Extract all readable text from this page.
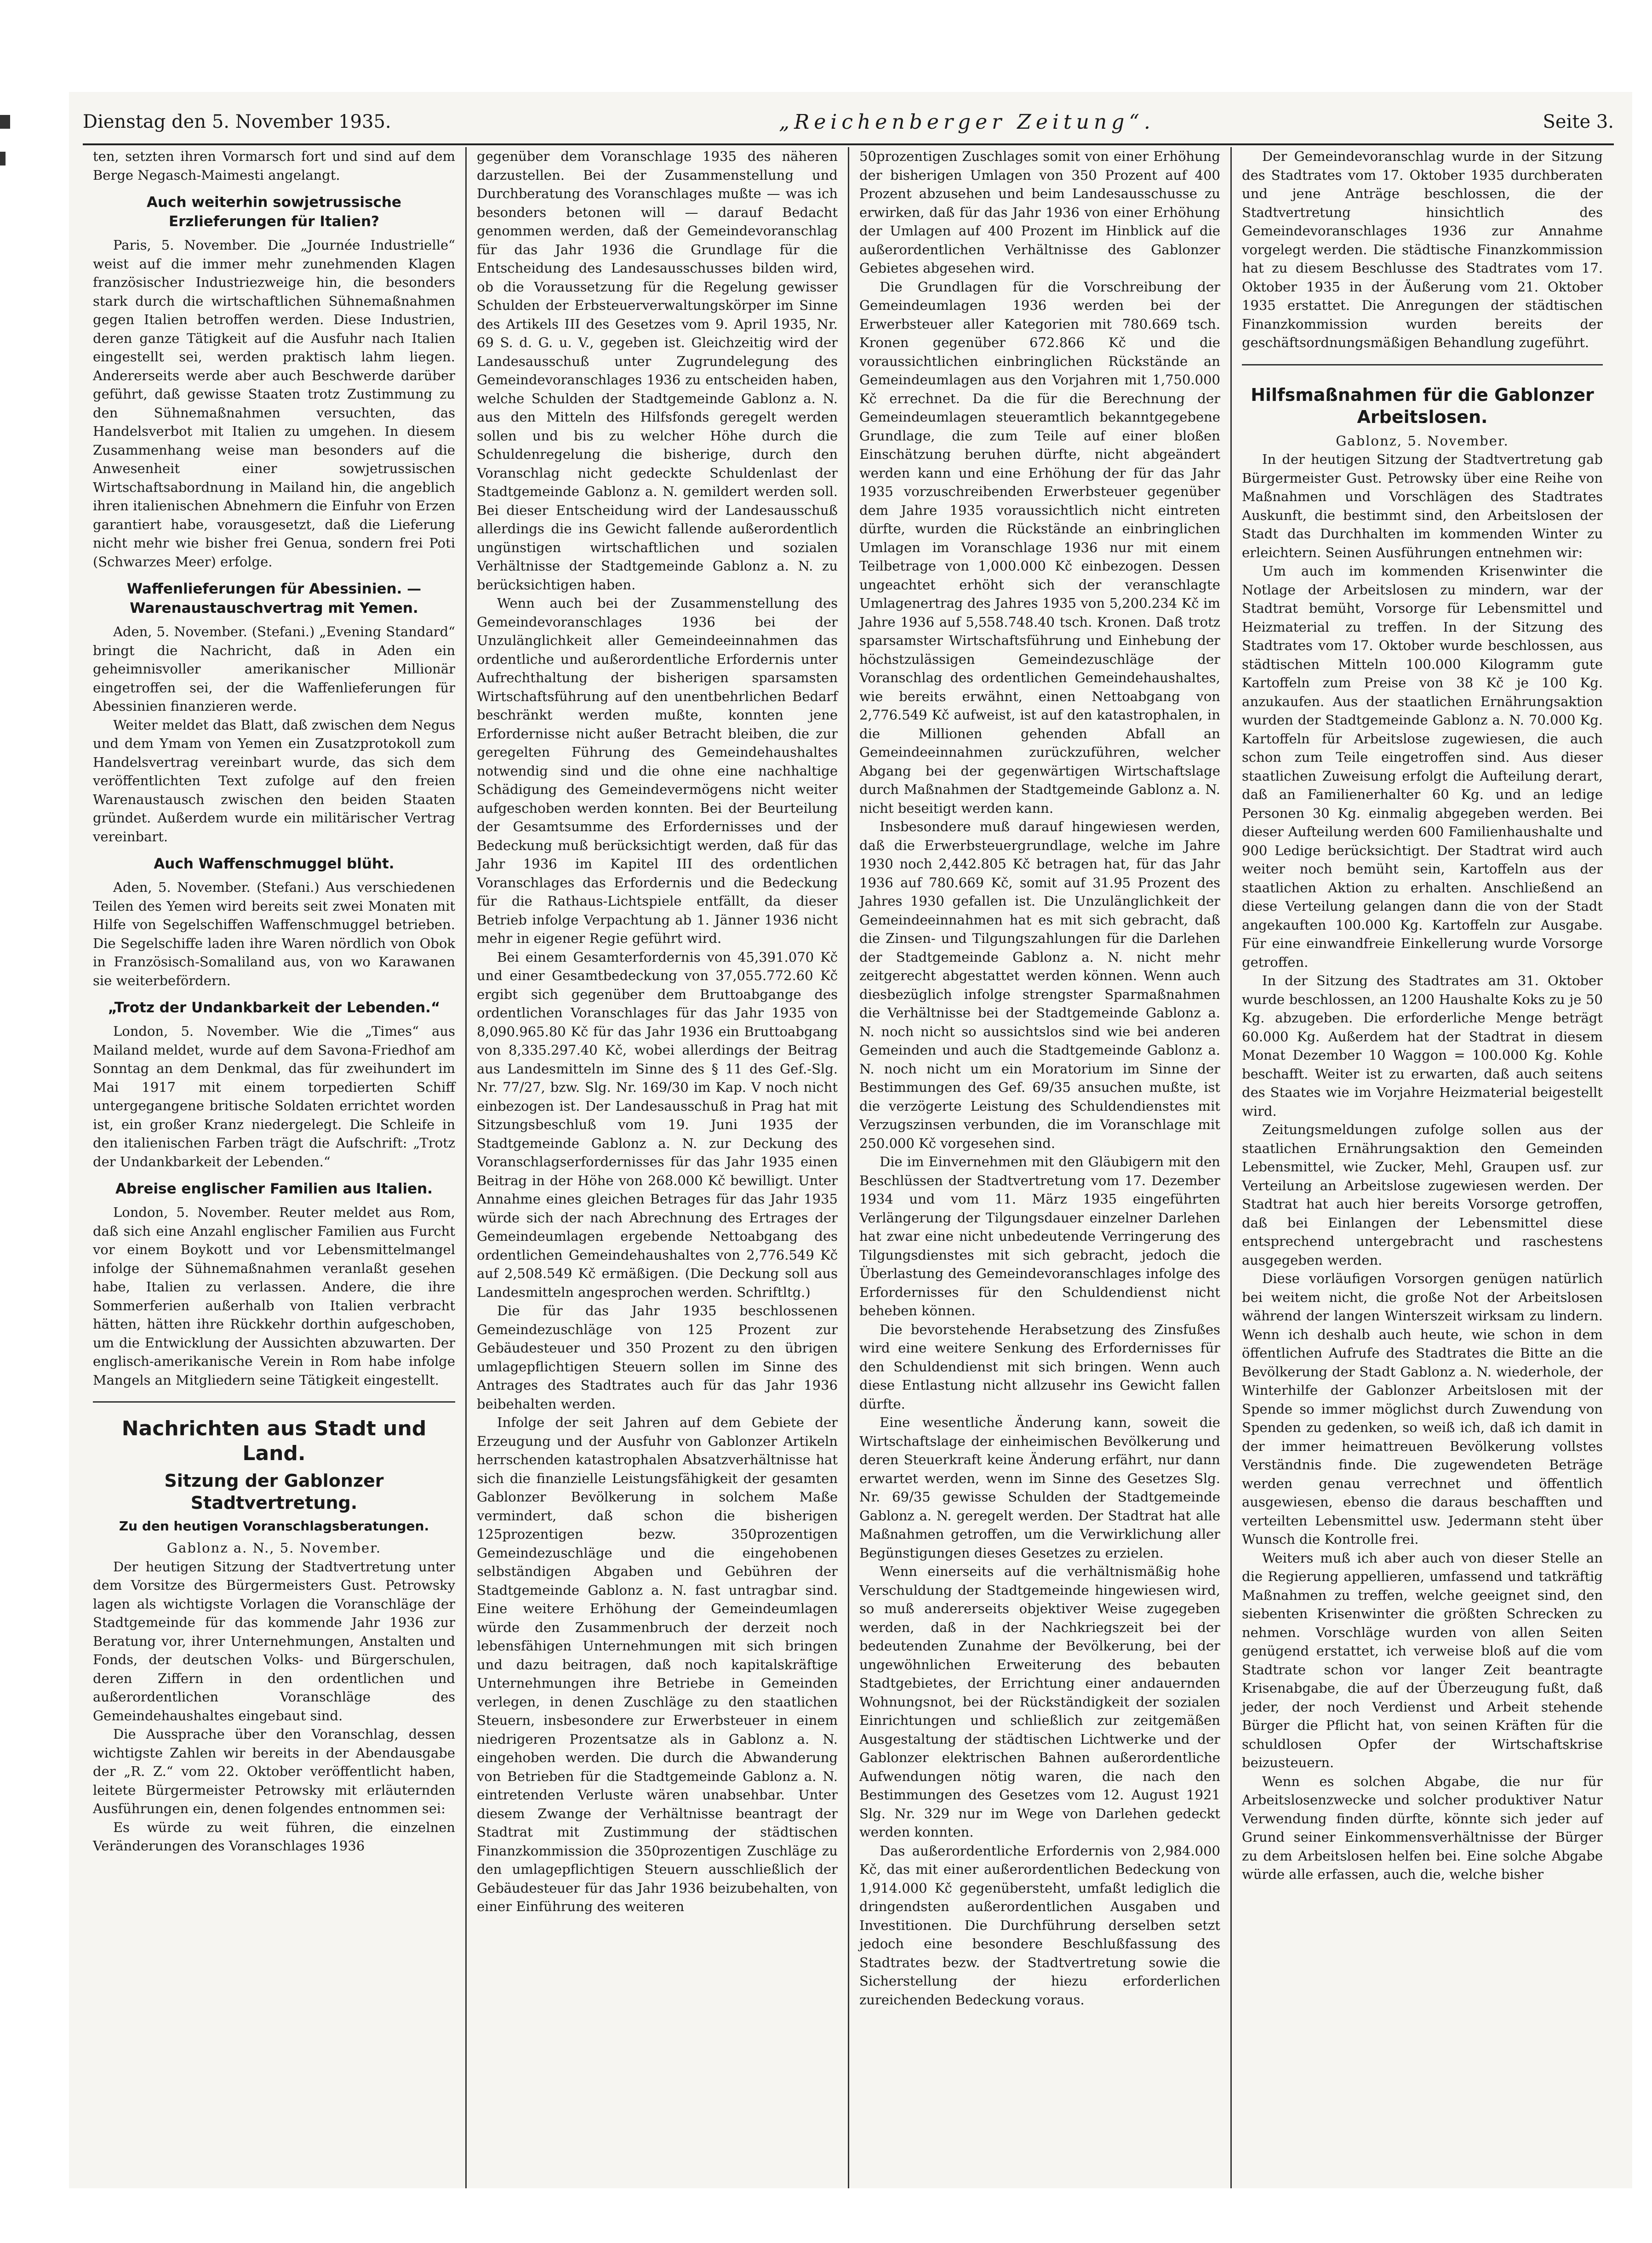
Dienstag den 5. November 1935.	„Reichenberger Zeitung“.	Seite 3.

ten, setzten ihren Vormarsch fort und sind auf dem Berge Negasch-Maimesti angelangt.

Auch weiterhin sowjetrussische Erzlieferungen für Italien?

Paris, 5. November. Die „Journée Industrielle“ weist auf die immer mehr zunehmenden Klagen französischer Industriezweige hin, die besonders stark durch die wirtschaftlichen Sühnemaßnahmen gegen Italien betroffen werden. Diese Industrien, deren ganze Tätigkeit auf die Ausfuhr nach Italien eingestellt sei, werden praktisch lahm liegen. Andererseits werde aber auch Beschwerde darüber geführt, daß gewisse Staaten trotz Zustimmung zu den Sühnemaßnahmen versuchten, das Handelsverbot mit Italien zu umgehen. In diesem Zusammenhang weise man besonders auf die Anwesenheit einer sowjetrussischen Wirtschaftsabordnung in Mailand hin, die angeblich ihren italienischen Abnehmern die Einfuhr von Erzen garantiert habe, vorausgesetzt, daß die Lieferung nicht mehr wie bisher frei Genua, sondern frei Poti (Schwarzes Meer) erfolge.

Waffenlieferungen für Abessinien. — Warenaustauschvertrag mit Yemen.

Aden, 5. November. (Stefani.) „Evening Standard“ bringt die Nachricht, daß in Aden ein geheimnisvoller amerikanischer Millionär eingetroffen sei, der die Waffenlieferungen für Abessinien finanzieren werde.

Weiter meldet das Blatt, daß zwischen dem Negus und dem Ymam von Yemen ein Zusatzprotokoll zum Handelsvertrag vereinbart wurde, das sich dem veröffentlichten Text zufolge auf den freien Warenaustausch zwischen den beiden Staaten gründet. Außerdem wurde ein militärischer Vertrag vereinbart.

Auch Waffenschmuggel blüht.

Aden, 5. November. (Stefani.) Aus verschiedenen Teilen des Yemen wird bereits seit zwei Monaten mit Hilfe von Segelschiffen Waffenschmuggel betrieben. Die Segelschiffe laden ihre Waren nördlich von Obok in Französisch-Somaliland aus, von wo Karawanen sie weiterbefördern.

„Trotz der Undankbarkeit der Lebenden.“

London, 5. November. Wie die „Times“ aus Mailand meldet, wurde auf dem Savona-Friedhof am Sonntag an dem Denkmal, das für zweihundert im Mai 1917 mit einem torpedierten Schiff untergegangene britische Soldaten errichtet worden ist, ein großer Kranz niedergelegt. Die Schleife in den italienischen Farben trägt die Aufschrift: „Trotz der Undankbarkeit der Lebenden.“

Abreise englischer Familien aus Italien.

London, 5. November. Reuter meldet aus Rom, daß sich eine Anzahl englischer Familien aus Furcht vor einem Boykott und vor Lebensmittelmangel infolge der Sühnemaßnahmen veranlaßt gesehen habe, Italien zu verlassen. Andere, die ihre Sommerferien außerhalb von Italien verbracht hätten, hätten ihre Rückkehr dorthin aufgeschoben, um die Entwicklung der Aussichten abzuwarten. Der englisch-amerikanische Verein in Rom habe infolge Mangels an Mitgliedern seine Tätigkeit eingestellt.

Nachrichten aus Stadt und Land.
Sitzung der Gablonzer Stadtvertretung.
Zu den heutigen Voranschlagsberatungen.

Gablonz a. N., 5. November.

Der heutigen Sitzung der Stadtvertretung unter dem Vorsitze des Bürgermeisters Gust. Petrowsky lagen als wichtigste Vorlagen die Voranschläge der Stadtgemeinde für das kommende Jahr 1936 zur Beratung vor, ihrer Unternehmungen, Anstalten und Fonds, der deutschen Volks- und Bürgerschulen, deren Ziffern in den ordentlichen und außerordentlichen Voranschläge des Gemeindehaushaltes eingebaut sind.

Die Aussprache über den Voranschlag, dessen wichtigste Zahlen wir bereits in der Abendausgabe der „R. Z.“ vom 22. Oktober veröffentlicht haben, leitete Bürgermeister Petrowsky mit erläuternden Ausführungen ein, denen folgendes entnommen sei:

Es würde zu weit führen, die einzelnen Veränderungen des Voranschlages 1936

gegenüber dem Voranschlage 1935 des näheren darzustellen. Bei der Zusammenstellung und Durchberatung des Voranschlages mußte — was ich besonders betonen will — darauf Bedacht genommen werden, daß der Gemeindevoranschlag für das Jahr 1936 die Grundlage für die Entscheidung des Landesausschusses bilden wird, ob die Voraussetzung für die Regelung gewisser Schulden der Erbsteuerverwaltungskörper im Sinne des Artikels III des Gesetzes vom 9. April 1935, Nr. 69 S. d. G. u. V., gegeben ist. Gleichzeitig wird der Landesausschuß unter Zugrundelegung des Gemeindevoranschlages 1936 zu entscheiden haben, welche Schulden der Stadtgemeinde Gablonz a. N. aus den Mitteln des Hilfsfonds geregelt werden sollen und bis zu welcher Höhe durch die Schuldenregelung die bisherige, durch den Voranschlag nicht gedeckte Schuldenlast der Stadtgemeinde Gablonz a. N. gemildert werden soll. Bei dieser Entscheidung wird der Landesausschuß allerdings die ins Gewicht fallende außerordentlich ungünstigen wirtschaftlichen und sozialen Verhältnisse der Stadtgemeinde Gablonz a. N. zu berücksichtigen haben.

Wenn auch bei der Zusammenstellung des Gemeindevoranschlages 1936 bei der Unzulänglichkeit aller Gemeindeeinnahmen das ordentliche und außerordentliche Erfordernis unter Aufrechthaltung der bisherigen sparsamsten Wirtschaftsführung auf den unentbehrlichen Bedarf beschränkt werden mußte, konnten jene Erfordernisse nicht außer Betracht bleiben, die zur geregelten Führung des Gemeindehaushaltes notwendig sind und die ohne eine nachhaltige Schädigung des Gemeindevermögens nicht weiter aufgeschoben werden konnten. Bei der Beurteilung der Gesamtsumme des Erfordernisses und der Bedeckung muß berücksichtigt werden, daß für das Jahr 1936 im Kapitel III des ordentlichen Voranschlages das Erfordernis und die Bedeckung für die Rathaus-Lichtspiele entfällt, da dieser Betrieb infolge Verpachtung ab 1. Jänner 1936 nicht mehr in eigener Regie geführt wird.

Bei einem Gesamterfordernis von 45,391.070 Kč und einer Gesamtbedeckung von 37,055.772.60 Kč ergibt sich gegenüber dem Bruttoabgange des ordentlichen Voranschlages für das Jahr 1935 von 8,090.965.80 Kč für das Jahr 1936 ein Bruttoabgang von 8,335.297.40 Kč, wobei allerdings der Beitrag aus Landesmitteln im Sinne des § 11 des Gef.-Slg. Nr. 77/27, bzw. Slg. Nr. 169/30 im Kap. V noch nicht einbezogen ist. Der Landesausschuß in Prag hat mit Sitzungsbeschluß vom 19. Juni 1935 der Stadtgemeinde Gablonz a. N. zur Deckung des Voranschlagserfordernisses für das Jahr 1935 einen Beitrag in der Höhe von 268.000 Kč bewilligt. Unter Annahme eines gleichen Betrages für das Jahr 1935 würde sich der nach Abrechnung des Ertrages der Gemeindeumlagen ergebende Nettoabgang des ordentlichen Gemeindehaushaltes von 2,776.549 Kč auf 2,508.549 Kč ermäßigen. (Die Deckung soll aus Landesmitteln angesprochen werden. Schriftltg.)

Die für das Jahr 1935 beschlossenen Gemeindezuschläge von 125 Prozent zur Gebäudesteuer und 350 Prozent zu den übrigen umlagepflichtigen Steuern sollen im Sinne des Antrages des Stadtrates auch für das Jahr 1936 beibehalten werden.

Infolge der seit Jahren auf dem Gebiete der Erzeugung und der Ausfuhr von Gablonzer Artikeln herrschenden katastrophalen Absatzverhältnisse hat sich die finanzielle Leistungsfähigkeit der gesamten Gablonzer Bevölkerung in solchem Maße vermindert, daß schon die bisherigen 125prozentigen bezw. 350prozentigen Gemeindezuschläge und die eingehobenen selbständigen Abgaben und Gebühren der Stadtgemeinde Gablonz a. N. fast untragbar sind. Eine weitere Erhöhung der Gemeindeumlagen würde den Zusammenbruch der derzeit noch lebensfähigen Unternehmungen mit sich bringen und dazu beitragen, daß noch kapitalskräftige Unternehmungen ihre Betriebe in Gemeinden verlegen, in denen Zuschläge zu den staatlichen Steuern, insbesondere zur Erwerbsteuer in einem niedrigeren Prozentsatze als in Gablonz a. N. eingehoben werden. Die durch die Abwanderung von Betrieben für die Stadtgemeinde Gablonz a. N. eintretenden Verluste wären unabsehbar. Unter diesem Zwange der Verhältnisse beantragt der Stadtrat mit Zustimmung der städtischen Finanzkommission die 350prozentigen Zuschläge zu den umlagepflichtigen Steuern ausschließlich der Gebäudesteuer für das Jahr 1936 beizubehalten, von einer Einführung des weiteren

50prozentigen Zuschlages somit von einer Erhöhung der bisherigen Umlagen von 350 Prozent auf 400 Prozent abzusehen und beim Landesausschusse zu erwirken, daß für das Jahr 1936 von einer Erhöhung der Umlagen auf 400 Prozent im Hinblick auf die außerordentlichen Verhältnisse des Gablonzer Gebietes abgesehen wird.

Die Grundlagen für die Vorschreibung der Gemeindeumlagen 1936 werden bei der Erwerbsteuer aller Kategorien mit 780.669 tsch. Kronen gegenüber 672.866 Kč und die voraussichtlichen einbringlichen Rückstände an Gemeindeumlagen aus den Vorjahren mit 1,750.000 Kč errechnet. Da die für die Berechnung der Gemeindeumlagen steueramtlich bekanntgegebene Grundlage, die zum Teile auf einer bloßen Einschätzung beruhen dürfte, nicht abgeändert werden kann und eine Erhöhung der für das Jahr 1935 vorzuschreibenden Erwerbsteuer gegenüber dem Jahre 1935 voraussichtlich nicht eintreten dürfte, wurden die Rückstände an einbringlichen Umlagen im Voranschlage 1936 nur mit einem Teilbetrage von 1,000.000 Kč einbezogen. Dessen ungeachtet erhöht sich der veranschlagte Umlagenertrag des Jahres 1935 von 5,200.234 Kč im Jahre 1936 auf 5,558.748.40 tsch. Kronen. Daß trotz sparsamster Wirtschaftsführung und Einhebung der höchstzulässigen Gemeindezuschläge der Voranschlag des ordentlichen Gemeindehaushaltes, wie bereits erwähnt, einen Nettoabgang von 2,776.549 Kč aufweist, ist auf den katastrophalen, in die Millionen gehenden Abfall an Gemeindeeinnahmen zurückzuführen, welcher Abgang bei der gegenwärtigen Wirtschaftslage durch Maßnahmen der Stadtgemeinde Gablonz a. N. nicht beseitigt werden kann.

Insbesondere muß darauf hingewiesen werden, daß die Erwerbsteuergrundlage, welche im Jahre 1930 noch 2,442.805 Kč betragen hat, für das Jahr 1936 auf 780.669 Kč, somit auf 31.95 Prozent des Jahres 1930 gefallen ist. Die Unzulänglichkeit der Gemeindeeinnahmen hat es mit sich gebracht, daß die Zinsen- und Tilgungszahlungen für die Darlehen der Stadtgemeinde Gablonz a. N. nicht mehr zeitgerecht abgestattet werden können. Wenn auch diesbezüglich infolge strengster Sparmaßnahmen die Verhältnisse bei der Stadtgemeinde Gablonz a. N. noch nicht so aussichtslos sind wie bei anderen Gemeinden und auch die Stadtgemeinde Gablonz a. N. noch nicht um ein Moratorium im Sinne der Bestimmungen des Gef. 69/35 ansuchen mußte, ist die verzögerte Leistung des Schuldendienstes mit Verzugszinsen verbunden, die im Voranschlage mit 250.000 Kč vorgesehen sind.

Die im Einvernehmen mit den Gläubigern mit den Beschlüssen der Stadtvertretung vom 17. Dezember 1934 und vom 11. März 1935 eingeführten Verlängerung der Tilgungsdauer einzelner Darlehen hat zwar eine nicht unbedeutende Verringerung des Tilgungsdienstes mit sich gebracht, jedoch die Überlastung des Gemeindevoranschlages infolge des Erfordernisses für den Schuldendienst nicht beheben können.

Die bevorstehende Herabsetzung des Zinsfußes wird eine weitere Senkung des Erfordernisses für den Schuldendienst mit sich bringen. Wenn auch diese Entlastung nicht allzusehr ins Gewicht fallen dürfte.

Eine wesentliche Änderung kann, soweit die Wirtschaftslage der einheimischen Bevölkerung und deren Steuerkraft keine Änderung erfährt, nur dann erwartet werden, wenn im Sinne des Gesetzes Slg. Nr. 69/35 gewisse Schulden der Stadtgemeinde Gablonz a. N. geregelt werden. Der Stadtrat hat alle Maßnahmen getroffen, um die Verwirklichung aller Begünstigungen dieses Gesetzes zu erzielen.

Wenn einerseits auf die verhältnismäßig hohe Verschuldung der Stadtgemeinde hingewiesen wird, so muß andererseits objektiver Weise zugegeben werden, daß in der Nachkriegszeit bei der bedeutenden Zunahme der Bevölkerung, bei der ungewöhnlichen Erweiterung des bebauten Stadtgebietes, der Errichtung einer andauernden Wohnungsnot, bei der Rückständigkeit der sozialen Einrichtungen und schließlich zur zeitgemäßen Ausgestaltung der städtischen Lichtwerke und der Gablonzer elektrischen Bahnen außerordentliche Aufwendungen nötig waren, die nach den Bestimmungen des Gesetzes vom 12. August 1921 Slg. Nr. 329 nur im Wege von Darlehen gedeckt werden konnten.

Das außerordentliche Erfordernis von 2,984.000 Kč, das mit einer außerordentlichen Bedeckung von 1,914.000 Kč gegenübersteht, umfaßt lediglich die dringendsten außerordentlichen Ausgaben und Investitionen. Die Durchführung derselben setzt jedoch eine besondere Beschlußfassung des Stadtrates bezw. der Stadtvertretung sowie die Sicherstellung der hiezu erforderlichen zureichenden Bedeckung voraus.

Der Gemeindevoranschlag wurde in der Sitzung des Stadtrates vom 17. Oktober 1935 durchberaten und jene Anträge beschlossen, die der Stadtvertretung hinsichtlich des Gemeindevoranschlages 1936 zur Annahme vorgelegt werden. Die städtische Finanzkommission hat zu diesem Beschlusse des Stadtrates vom 17. Oktober 1935 in der Äußerung vom 21. Oktober 1935 erstattet. Die Anregungen der städtischen Finanzkommission wurden bereits der geschäftsordnungsmäßigen Behandlung zugeführt.

Hilfsmaßnahmen für die Gablonzer Arbeitslosen.

Gablonz, 5. November.

In der heutigen Sitzung der Stadtvertretung gab Bürgermeister Gust. Petrowsky über eine Reihe von Maßnahmen und Vorschlägen des Stadtrates Auskunft, die bestimmt sind, den Arbeitslosen der Stadt das Durchhalten im kommenden Winter zu erleichtern. Seinen Ausführungen entnehmen wir:

Um auch im kommenden Krisenwinter die Notlage der Arbeitslosen zu mindern, war der Stadtrat bemüht, Vorsorge für Lebensmittel und Heizmaterial zu treffen. In der Sitzung des Stadtrates vom 17. Oktober wurde beschlossen, aus städtischen Mitteln 100.000 Kilogramm gute Kartoffeln zum Preise von 38 Kč je 100 Kg. anzukaufen. Aus der staatlichen Ernährungsaktion wurden der Stadtgemeinde Gablonz a. N. 70.000 Kg. Kartoffeln für Arbeitslose zugewiesen, die auch schon zum Teile eingetroffen sind. Aus dieser staatlichen Zuweisung erfolgt die Aufteilung derart, daß an Familienerhalter 60 Kg. und an ledige Personen 30 Kg. einmalig abgegeben werden. Bei dieser Aufteilung werden 600 Familienhaushalte und 900 Ledige berücksichtigt. Der Stadtrat wird auch weiter noch bemüht sein, Kartoffeln aus der staatlichen Aktion zu erhalten. Anschließend an diese Verteilung gelangen dann die von der Stadt angekauften 100.000 Kg. Kartoffeln zur Ausgabe. Für eine einwandfreie Einkellerung wurde Vorsorge getroffen.

In der Sitzung des Stadtrates am 31. Oktober wurde beschlossen, an 1200 Haushalte Koks zu je 50 Kg. abzugeben. Die erforderliche Menge beträgt 60.000 Kg. Außerdem hat der Stadtrat in diesem Monat Dezember 10 Waggon = 100.000 Kg. Kohle beschafft. Weiter ist zu erwarten, daß auch seitens des Staates wie im Vorjahre Heizmaterial beigestellt wird.

Zeitungsmeldungen zufolge sollen aus der staatlichen Ernährungsaktion den Gemeinden Lebensmittel, wie Zucker, Mehl, Graupen usf. zur Verteilung an Arbeitslose zugewiesen werden. Der Stadtrat hat auch hier bereits Vorsorge getroffen, daß bei Einlangen der Lebensmittel diese entsprechend untergebracht und raschestens ausgegeben werden.

Diese vorläufigen Vorsorgen genügen natürlich bei weitem nicht, die große Not der Arbeitslosen während der langen Winterszeit wirksam zu lindern. Wenn ich deshalb auch heute, wie schon in dem öffentlichen Aufrufe des Stadtrates die Bitte an die Bevölkerung der Stadt Gablonz a. N. wiederhole, der Winterhilfe der Gablonzer Arbeitslosen mit der Spende so immer möglichst durch Zuwendung von Spenden zu gedenken, so weiß ich, daß ich damit in der immer heimattreuen Bevölkerung vollstes Verständnis finde. Die zugewendeten Beträge werden genau verrechnet und öffentlich ausgewiesen, ebenso die daraus beschafften und verteilten Lebensmittel usw. Jedermann steht über Wunsch die Kontrolle frei.

Weiters muß ich aber auch von dieser Stelle an die Regierung appellieren, umfassend und tatkräftig Maßnahmen zu treffen, welche geeignet sind, den siebenten Krisenwinter die größten Schrecken zu nehmen. Vorschläge wurden von allen Seiten genügend erstattet, ich verweise bloß auf die vom Stadtrate schon vor langer Zeit beantragte Krisenabgabe, die auf der Überzeugung fußt, daß jeder, der noch Verdienst und Arbeit stehende Bürger die Pflicht hat, von seinen Kräften für die schuldlosen Opfer der Wirtschaftskrise beizusteuern.

Wenn es solchen Abgabe, die nur für Arbeitslosenzwecke und solcher produktiver Natur Verwendung finden dürfte, könnte sich jeder auf Grund seiner Einkommensverhältnisse der Bürger zu dem Arbeitslosen helfen bei. Eine solche Abgabe würde alle erfassen, auch die, welche bisher
